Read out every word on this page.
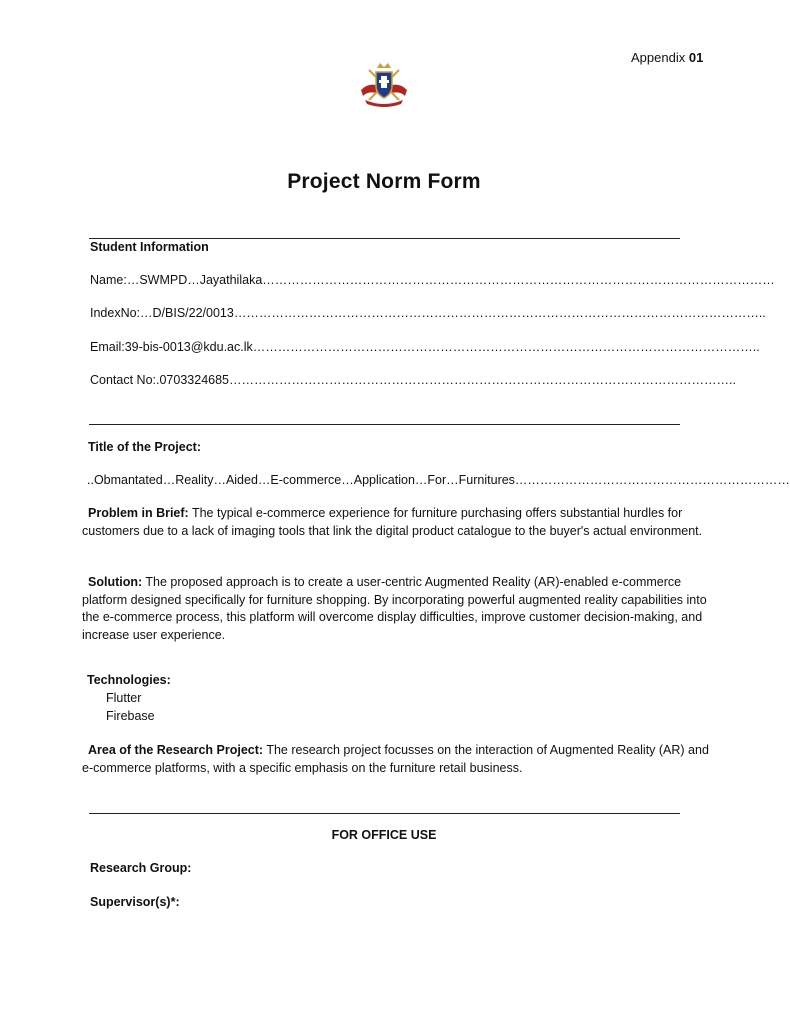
Appendix 01
Project Norm Form
Student Information
Name:…SWMPD…Jayathilaka……………………………………………………………………………………………………………
IndexNo:…D/BIS/22/0013………………………………………………………………………………………………………………..
Email:39-bis-0013@kdu.ac.lk…………………………………………………………………………………………………………..
Contact No:.0703324685…………………………………………………………………………………………………………..
Title of the Project:
..Obmantated…Reality…Aided…E-commerce…Application…For…Furnitures…………………………………………………………
Problem in Brief: The typical e-commerce experience for furniture purchasing offers substantial hurdles for customers due to a lack of imaging tools that link the digital product catalogue to the buyer's actual environment.
Solution: The proposed approach is to create a user-centric Augmented Reality (AR)-enabled e-commerce platform designed specifically for furniture shopping. By incorporating powerful augmented reality capabilities into the e-commerce process, this platform will overcome display difficulties, improve customer decision-making, and increase user experience.
Technologies:
Flutter
Firebase
Area of the Research Project: The research project focusses on the interaction of Augmented Reality (AR) and e-commerce platforms, with a specific emphasis on the furniture retail business.
FOR OFFICE USE
Research Group:
Supervisor(s)*:
